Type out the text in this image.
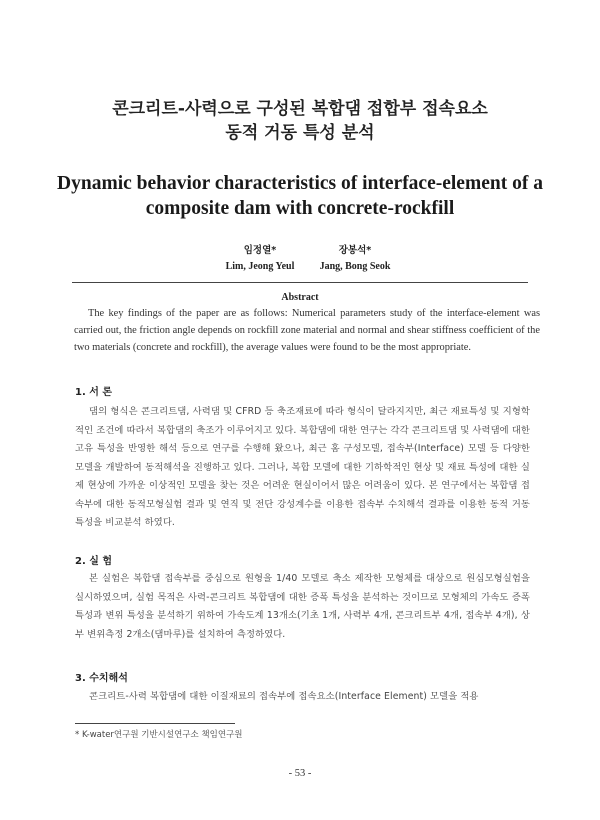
콘크리트-사력으로 구성된 복합댐 접합부 접속요소
동적 거동 특성 분석
Dynamic behavior characteristics of interface-element of a
composite dam with concrete-rockfill
임정열*
Lim, Jeong Yeul
장봉석*
Jang, Bong Seok
Abstract
The key findings of the paper are as follows: Numerical parameters study of the interface-element was carried out, the friction angle depends on rockfill zone material and normal and shear stiffness coefficient of the two materials (concrete and rockfill), the average values were found to be the most appropriate.
1. 서 론
댐의 형식은 콘크리트댐, 사력댐 및 CFRD 등 축조재료에 따라 형식이 달라지지만, 최근 재료특성 및 지형학적인 조건에 따라서 복합댐의 축조가 이루어지고 있다. 복합댐에 대한 연구는 각각 콘크리트댐 및 사력댐에 대한 고유 특성을 반영한 해석 등으로 연구를 수행해 왔으나, 최근 홈 구성모델, 접속부(Interface) 모델 등 다양한 모델을 개발하여 동적해석을 진행하고 있다. 그러나, 복합 모델에 대한 기하학적인 현상 및 재료 특성에 대한 실제 현상에 가까운 이상적인 모델을 찾는 것은 어려운 현실이어서 많은 어려움이 있다. 본 연구에서는 복합댐 접속부에 대한 동적모형실험 결과 및 연직 및 전단 강성계수를 이용한 접속부 수치해석 결과를 이용한 동적 거동 특성을 비교분석 하였다.
2. 실 험
본 실험은 복합댐 접속부를 중심으로 원형을 1/40 모델로 축소 제작한 모형체를 대상으로 원심모형실험을 실시하였으며, 실험 목적은 사력-콘크리트 복합댐에 대한 증폭 특성을 분석하는 것이므로 모형체의 가속도 증폭 특성과 변위 특성을 분석하기 위하여 가속도계 13개소(기초 1개, 사력부 4개, 콘크리트부 4개, 접속부 4개), 상부 변위측정 2개소(댐마루)를 설치하여 측정하였다.
3. 수치해석
콘크리트-사력 복합댐에 대한 이질재료의 접속부에 접속요소(Interface Element) 모델을 적용
* K-water연구원 기반시설연구소 책임연구원
- 53 -
